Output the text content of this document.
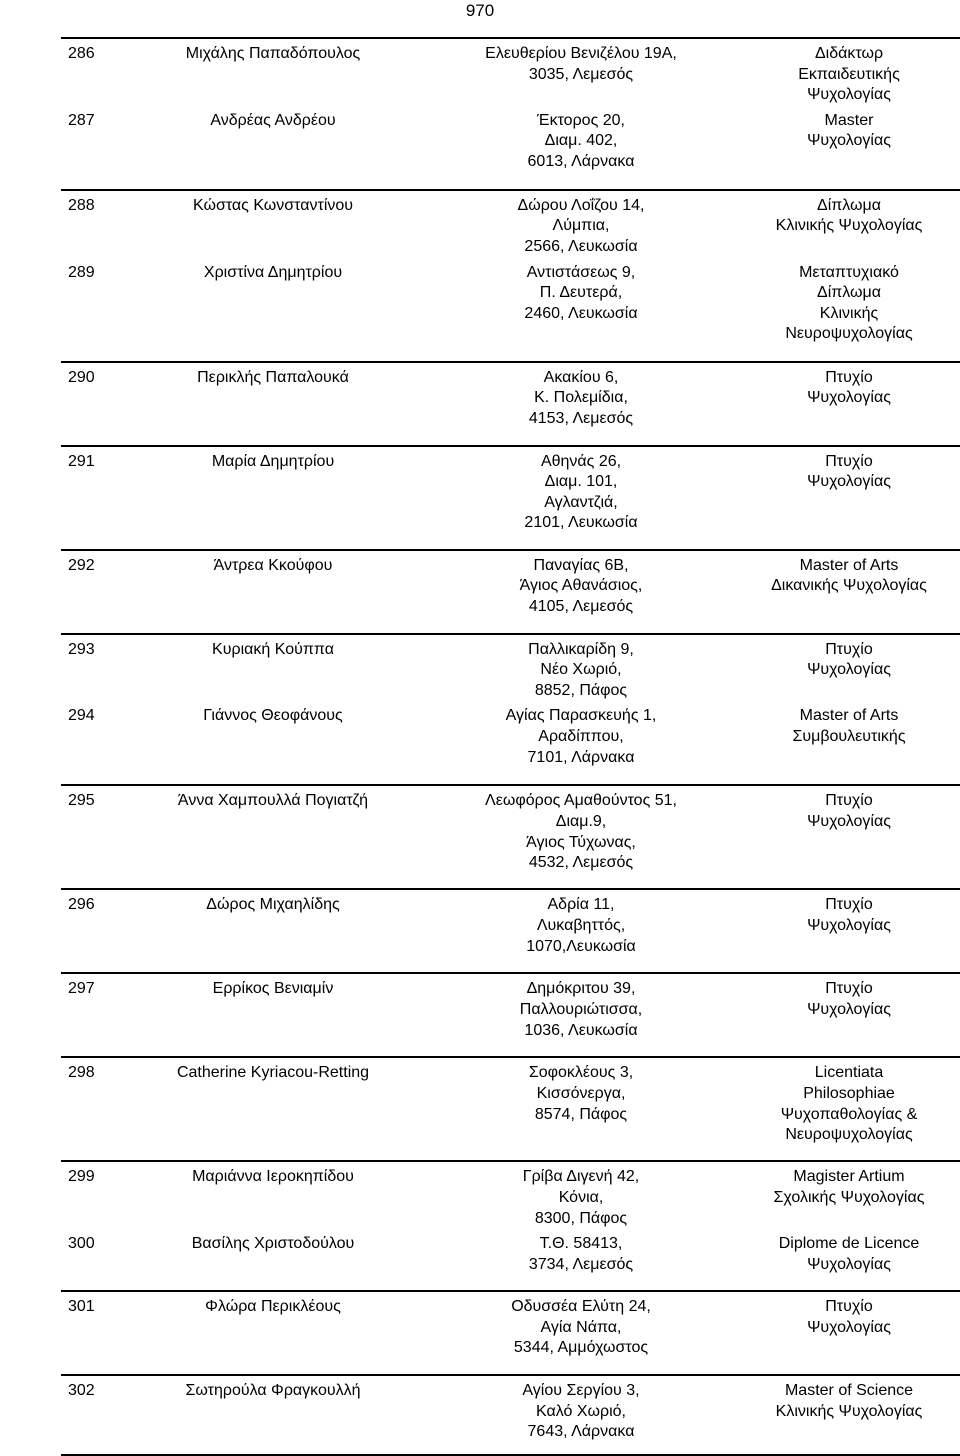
970
286	Μιχάλης Παπαδόπουλος	Ελευθερίου Βενιζέλου 19Α,
3035, Λεμεσός	Διδάκτωρ
Εκπαιδευτικής
Ψυχολογίας

287	Ανδρέας Ανδρέου	Έκτορος 20,
Διαμ. 402,
6013, Λάρνακα	Master
Ψυχολογίας

288	Κώστας Κωνσταντίνου	Δώρου Λοΐζου 14,
Λύμπια,
2566, Λευκωσία	Δίπλωμα
Κλινικής Ψυχολογίας

289	Χριστίνα Δημητρίου	Αντιστάσεως 9,
Π. Δευτερά,
2460, Λευκωσία	Μεταπτυχιακό
Δίπλωμα
Κλινικής
Νευροψυχολογίας

290	Περικλής Παπαλουκά	Ακακίου 6,
Κ. Πολεμίδια,
4153, Λεμεσός	Πτυχίο
Ψυχολογίας

291	Μαρία Δημητρίου	Αθηνάς 26,
Διαμ. 101,
Αγλαντζιά,
2101, Λευκωσία	Πτυχίο
Ψυχολογίας

292	Άντρεα Κκούφου	Παναγίας 6Β,
Άγιος Αθανάσιος,
4105, Λεμεσός	Master of Arts
Δικανικής Ψυχολογίας

293	Κυριακή Κούππα	Παλλικαρίδη 9,
Νέο Χωριό,
8852, Πάφος	Πτυχίο
Ψυχολογίας

294	Γιάννος Θεοφάνους	Αγίας Παρασκευής 1,
Αραδίππου,
7101, Λάρνακα	Master of Arts
Συμβουλευτικής

295	Άννα Χαμπουλλά Πογιατζή	Λεωφόρος Αμαθούντος 51,
Διαμ.9,
Άγιος Τύχωνας,
4532, Λεμεσός	Πτυχίο
Ψυχολογίας

296	Δώρος Μιχαηλίδης	Αδρία 11,
Λυκαβηττός,
1070,Λευκωσία	Πτυχίο
Ψυχολογίας

297	Ερρίκος Βενιαμίν	Δημόκριτου 39,
Παλλουριώτισσα,
1036, Λευκωσία	Πτυχίο
Ψυχολογίας

298	Catherine Kyriacou-Retting	Σοφοκλέους 3,
Κισσόνεργα,
8574, Πάφος	Licentiata
Philosophiae
Ψυχοπαθολογίας &
Νευροψυχολογίας

299	Μαριάννα Ιεροκηπίδου	Γρίβα Διγενή 42,
Κόνια,
8300, Πάφος	Magister Artium
Σχολικής Ψυχολογίας

300	Βασίλης Χριστοδούλου	Τ.Θ. 58413,
3734, Λεμεσός	Diplome de Licence
Ψυχολογίας

301	Φλώρα Περικλέους	Οδυσσέα Ελύτη 24,
Αγία Νάπα,
5344, Αμμόχωστος	Πτυχίο
Ψυχολογίας

302	Σωτηρούλα Φραγκουλλή	Αγίου Σεργίου 3,
Καλό Χωριό,
7643, Λάρνακα	Master of Science
Κλινικής Ψυχολογίας
